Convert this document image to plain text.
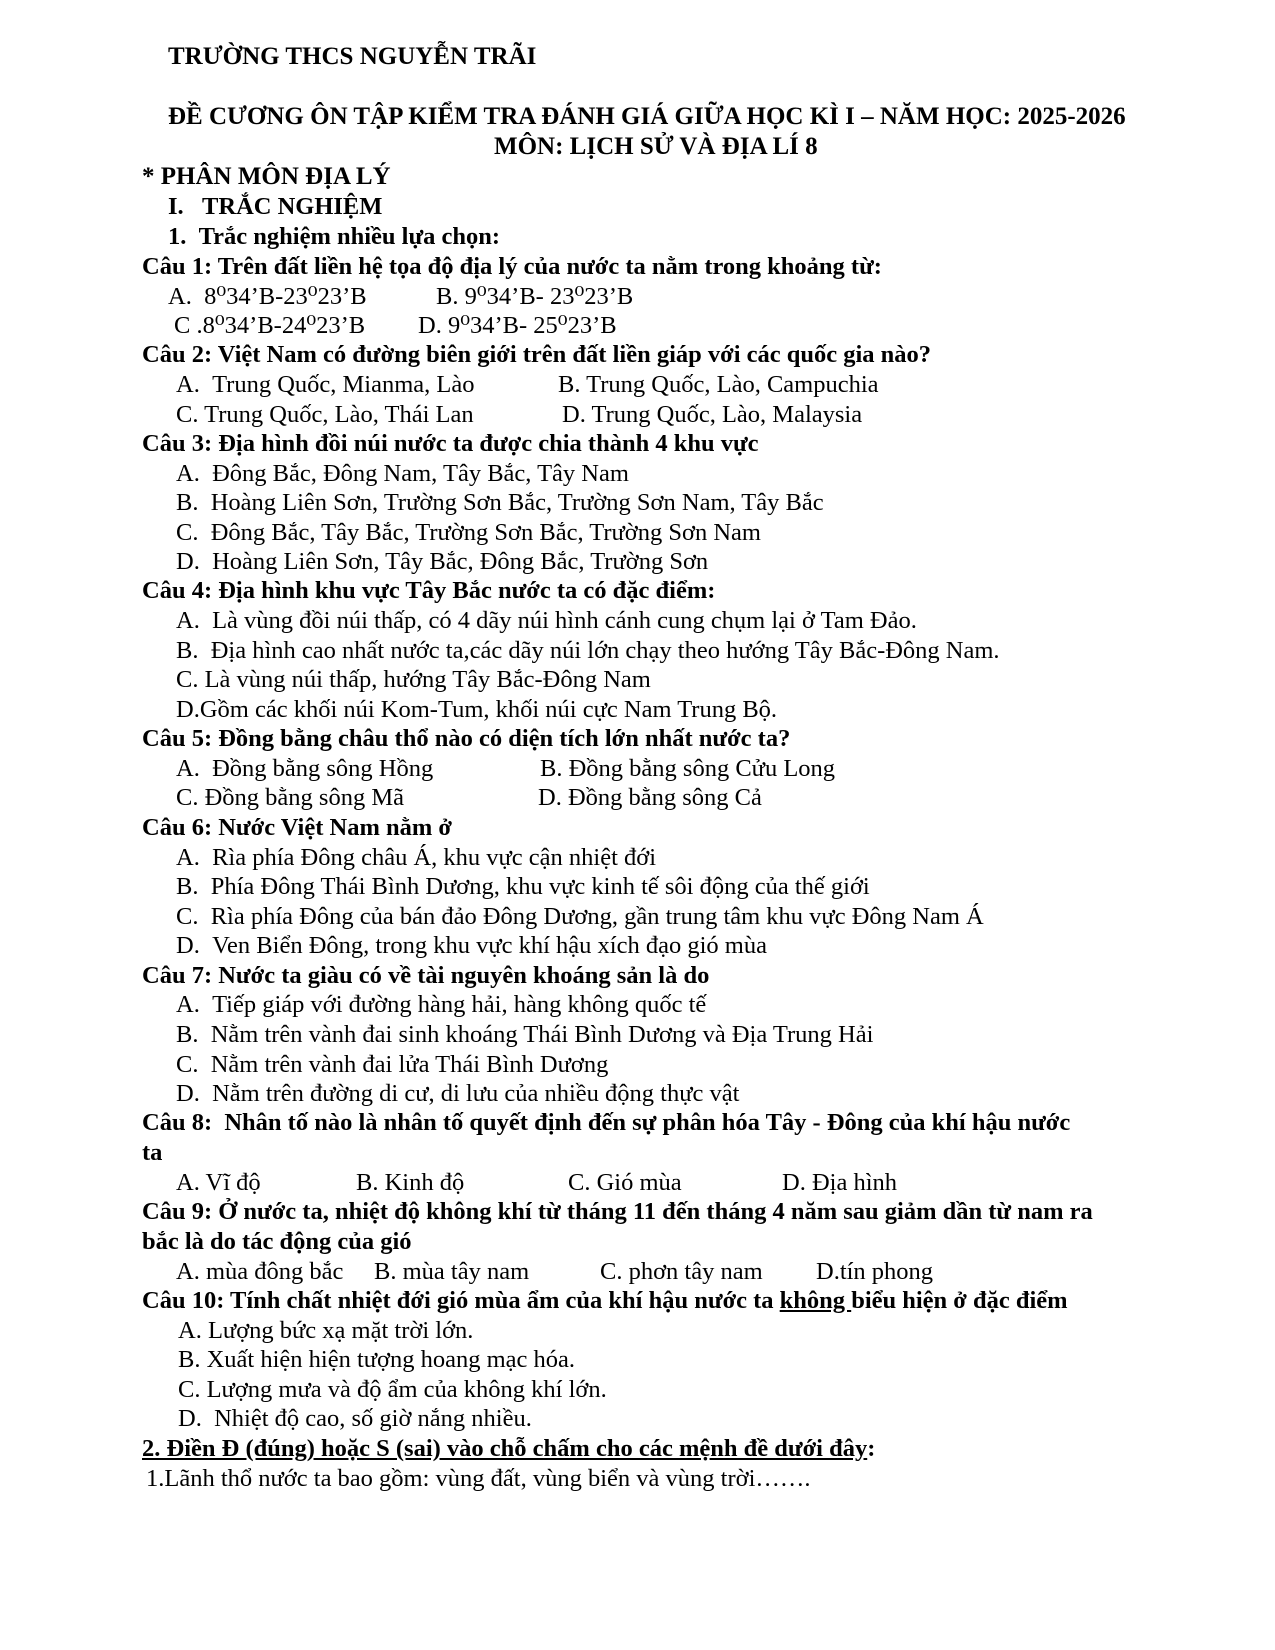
TRƯỜNG THCS NGUYỄN TRÃI
ĐỀ CƯƠNG ÔN TẬP KIỂM TRA ĐÁNH GIÁ GIỮA HỌC KÌ I – NĂM HỌC: 2025-2026
MÔN: LỊCH SỬ VÀ ĐỊA LÍ 8
* PHÂN MÔN ĐỊA LÝ
I.   TRẮC NGHIỆM
1.  Trắc nghiệm nhiều lựa chọn:
Câu 1: Trên đất liền hệ tọa độ địa lý của nước ta nằm trong khoảng từ:
A.  8⁰34’B-23⁰23’B	B. 9⁰34’B- 23⁰23’B
C .8⁰34’B-24⁰23’B D. 9⁰34’B- 25⁰23’B
Câu 2: Việt Nam có đường biên giới trên đất liền giáp với các quốc gia nào?
A.  Trung Quốc, Mianma, Lào	B. Trung Quốc, Lào, Campuchia
C. Trung Quốc, Lào, Thái Lan	D. Trung Quốc, Lào, Malaysia
Câu 3: Địa hình đồi núi nước ta được chia thành 4 khu vực
A.  Đông Bắc, Đông Nam, Tây Bắc, Tây Nam
B.  Hoàng Liên Sơn, Trường Sơn Bắc, Trường Sơn Nam, Tây Bắc
C.  Đông Bắc, Tây Bắc, Trường Sơn Bắc, Trường Sơn Nam
D.  Hoàng Liên Sơn, Tây Bắc, Đông Bắc, Trường Sơn
Câu 4: Địa hình khu vực Tây Bắc nước ta có đặc điểm:
A.  Là vùng đồi núi thấp, có 4 dãy núi hình cánh cung chụm lại ở Tam Đảo.
B.  Địa hình cao nhất nước ta,các dãy núi lớn chạy theo hướng Tây Bắc-Đông Nam.
C. Là vùng núi thấp, hướng Tây Bắc-Đông Nam
D.Gồm các khối núi Kom-Tum, khối núi cực Nam Trung Bộ.
Câu 5: Đồng bằng châu thổ nào có diện tích lớn nhất nước ta?
A.  Đồng bằng sông Hồng	B. Đồng bằng sông Cửu Long
C. Đồng bằng sông Mã	D. Đồng bằng sông Cả
Câu 6: Nước Việt Nam nằm ở
A.  Rìa phía Đông châu Á, khu vực cận nhiệt đới
B.  Phía Đông Thái Bình Dương, khu vực kinh tế sôi động của thế giới
C.  Rìa phía Đông của bán đảo Đông Dương, gần trung tâm khu vực Đông Nam Á
D.  Ven Biển Đông, trong khu vực khí hậu xích đạo gió mùa
Câu 7: Nước ta giàu có về tài nguyên khoáng sản là do
A.  Tiếp giáp với đường hàng hải, hàng không quốc tế
B.  Nằm trên vành đai sinh khoáng Thái Bình Dương và Địa Trung Hải
C.  Nằm trên vành đai lửa Thái Bình Dương
D.  Nằm trên đường di cư, di lưu của nhiều động thực vật
Câu 8:  Nhân tố nào là nhân tố quyết định đến sự phân hóa Tây - Đông của khí hậu nước
ta
A. Vĩ độ	B. Kinh độ	C. Gió mùa	D. Địa hình
Câu 9: Ở nước ta, nhiệt độ không khí từ tháng 11 đến tháng 4 năm sau giảm dần từ nam ra
bắc là do tác động của gió
A. mùa đông bắc B. mùa tây nam	C. phơn tây nam D.tín phong
Câu 10: Tính chất nhiệt đới gió mùa ẩm của khí hậu nước ta không biểu hiện ở đặc điểm
A. Lượng bức xạ mặt trời lớn.
B. Xuất hiện hiện tượng hoang mạc hóa.
C. Lượng mưa và độ ẩm của không khí lớn.
D.  Nhiệt độ cao, số giờ nắng nhiều.
2. Điền Đ (đúng) hoặc S (sai) vào chỗ chấm cho các mệnh đề dưới đây:
1.Lãnh thổ nước ta bao gồm: vùng đất, vùng biển và vùng trời…….
